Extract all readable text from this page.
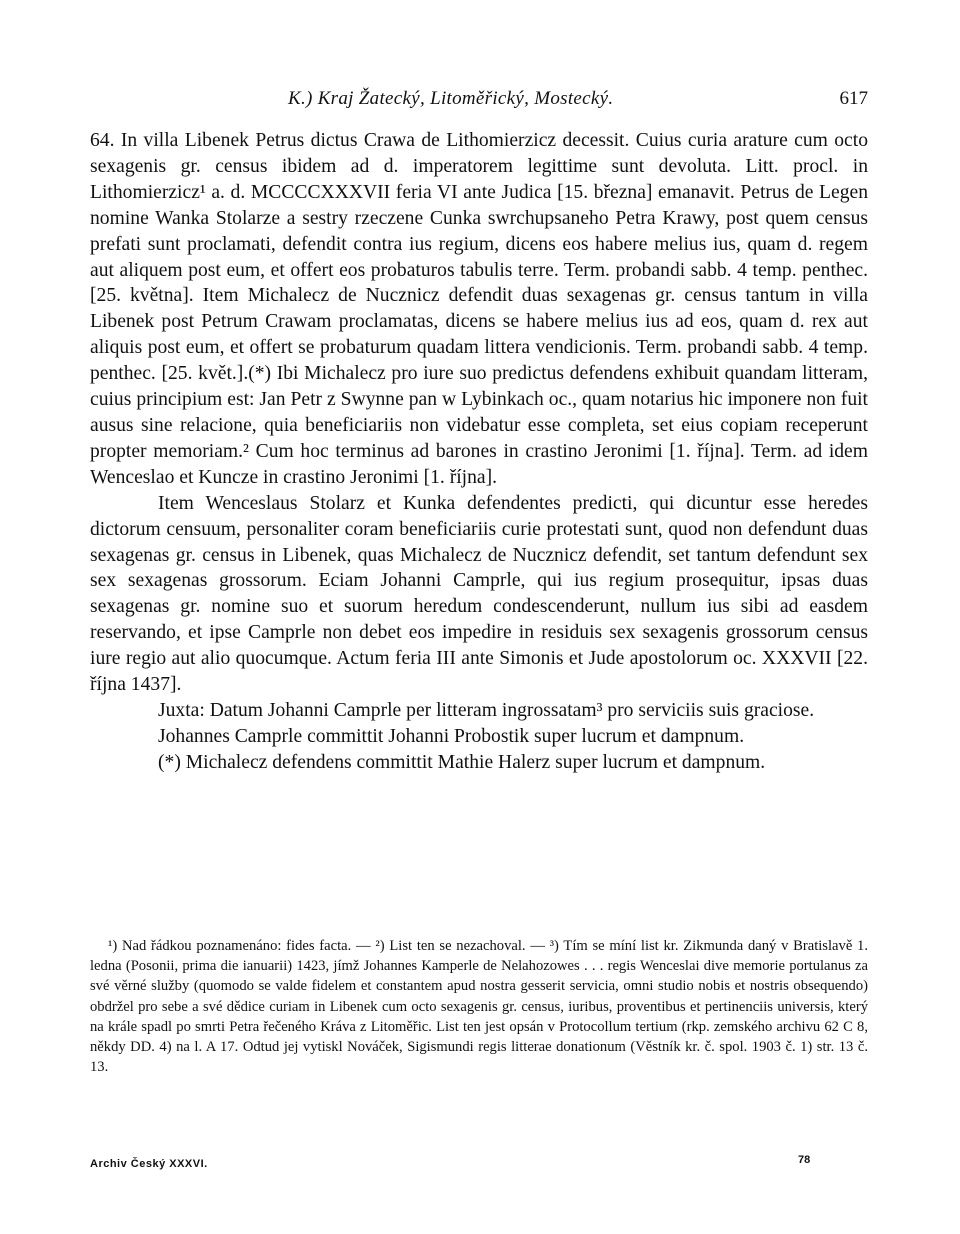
K.) Kraj Žatecký, Litoměřický, Mostecký.	617

64. In villa Libenek Petrus dictus Crawa de Lithomierzicz decessit. Cuius curia arature cum octo sexagenis gr. census ibidem ad d. imperatorem legittime sunt devoluta. Litt. procl. in Lithomierzicz¹ a. d. MCCCCXXXVII feria VI ante Judica [15. března] emanavit. Petrus de Legen nomine Wanka Stolarze a sestry rzeczene Cunka swrchupsaneho Petra Krawy, post quem census prefati sunt proclamati, defendit contra ius regium, dicens eos habere melius ius, quam d. regem aut aliquem post eum, et offert eos probaturos tabulis terre. Term. probandi sabb. 4 temp. penthec. [25. května]. Item Michalecz de Nucznicz defendit duas sexagenas gr. census tantum in villa Libenek post Petrum Crawam proclamatas, dicens se habere melius ius ad eos, quam d. rex aut aliquis post eum, et offert se probaturum quadam littera vendicionis. Term. probandi sabb. 4 temp. penthec. [25. květ.].(*) Ibi Michalecz pro iure suo predictus defendens exhibuit quandam litteram, cuius principium est: Jan Petr z Swynne pan w Lybinkach oc., quam notarius hic imponere non fuit ausus sine relacione, quia beneficiariis non videbatur esse completa, set eius copiam receperunt propter memoriam.² Cum hoc terminus ad barones in crastino Jeronimi [1. října]. Term. ad idem Wenceslao et Kuncze in crastino Jeronimi [1. října].

Item Wenceslaus Stolarz et Kunka defendentes predicti, qui dicuntur esse heredes dictorum censuum, personaliter coram beneficiariis curie protestati sunt, quod non defendunt duas sexagenas gr. census in Libenek, quas Michalecz de Nucznicz defendit, set tantum defendunt sex sex sexagenas grossorum. Eciam Johanni Camprle, qui ius regium prosequitur, ipsas duas sexagenas gr. nomine suo et suorum heredum condescenderunt, nullum ius sibi ad easdem reservando, et ipse Camprle non debet eos impedire in residuis sex sexagenis grossorum census iure regio aut alio quocumque. Actum feria III ante Simonis et Jude apostolorum oc. XXXVII [22. října 1437].

Juxta: Datum Johanni Camprle per litteram ingrossatam³ pro serviciis suis graciose.

Johannes Camprle committit Johanni Probostik super lucrum et dampnum.

(*) Michalecz defendens committit Mathie Halerz super lucrum et dampnum.

¹) Nad řádkou poznamenáno: fides facta. — ²) List ten se nezachoval. — ³) Tím se míní list kr. Zikmunda daný v Bratislavě 1. ledna (Posonii, prima die ianuarii) 1423, jímž Johannes Kamperle de Nelahozowes . . . regis Wenceslai dive memorie portulanus za své věrné služby (quomodo se valde fidelem et constantem apud nostra gesserit servicia, omni studio nobis et nostris obsequendo) obdržel pro sebe a své dědice curiam in Libenek cum octo sexagenis gr. census, iuribus, proventibus et pertinenciis universis, který na krále spadl po smrti Petra řečeného Kráva z Litoměřic. List ten jest opsán v Protocollum tertium (rkp. zemského archivu 62 C 8, někdy DD. 4) na l. A 17. Odtud jej vytiskl Nováček, Sigismundi regis litterae donationum (Věstník kr. č. spol. 1903 č. 1) str. 13 č. 13.

Archiv Český XXXVI.	78
